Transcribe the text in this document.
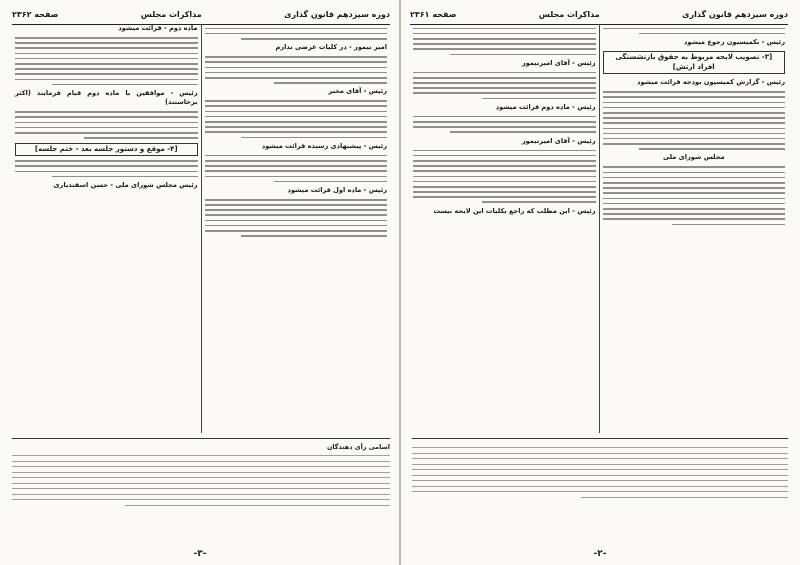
دوره سیزدهم قانون گذاری
مذاکرات مجلس
صفحه ۲۳۶۲

امیر تیمور - در کلیات عرضی ندارم

رئیس - آقای مخبر

رئیس - پیشنهادی رسیده قرائت میشود

رئیس - ماده اول قرائت میشود

ماده دوم - قرائت میشود

رئیس - موافقین با ماده دوم قیام فرمایند (اکثر برخاستند)

[۴- موقع و دستور جلسه بعد - ختم جلسه]

رئیس مجلس شورای ملی - حسن اسفندیاری

اسامی رأی دهندگان
-۳-
دوره سیزدهم قانون گذاری
مذاکرات مجلس
صفحه ۲۳۶۱

رئیس - بکمیسیون رجوع میشود

[۳- تصویب لایحه مربوط به حقوق بازنشستگی افراد ارتش]

رئیس - گزارش کمیسیون بودجه قرائت میشود

مجلس شورای ملی

رئیس - آقای امیرتیمور

رئیس - ماده دوم قرائت میشود

رئیس - آقای امیرتیمور

رئیس - این مطلب که راجع بکلیات این لایحه نیست

-۲-
